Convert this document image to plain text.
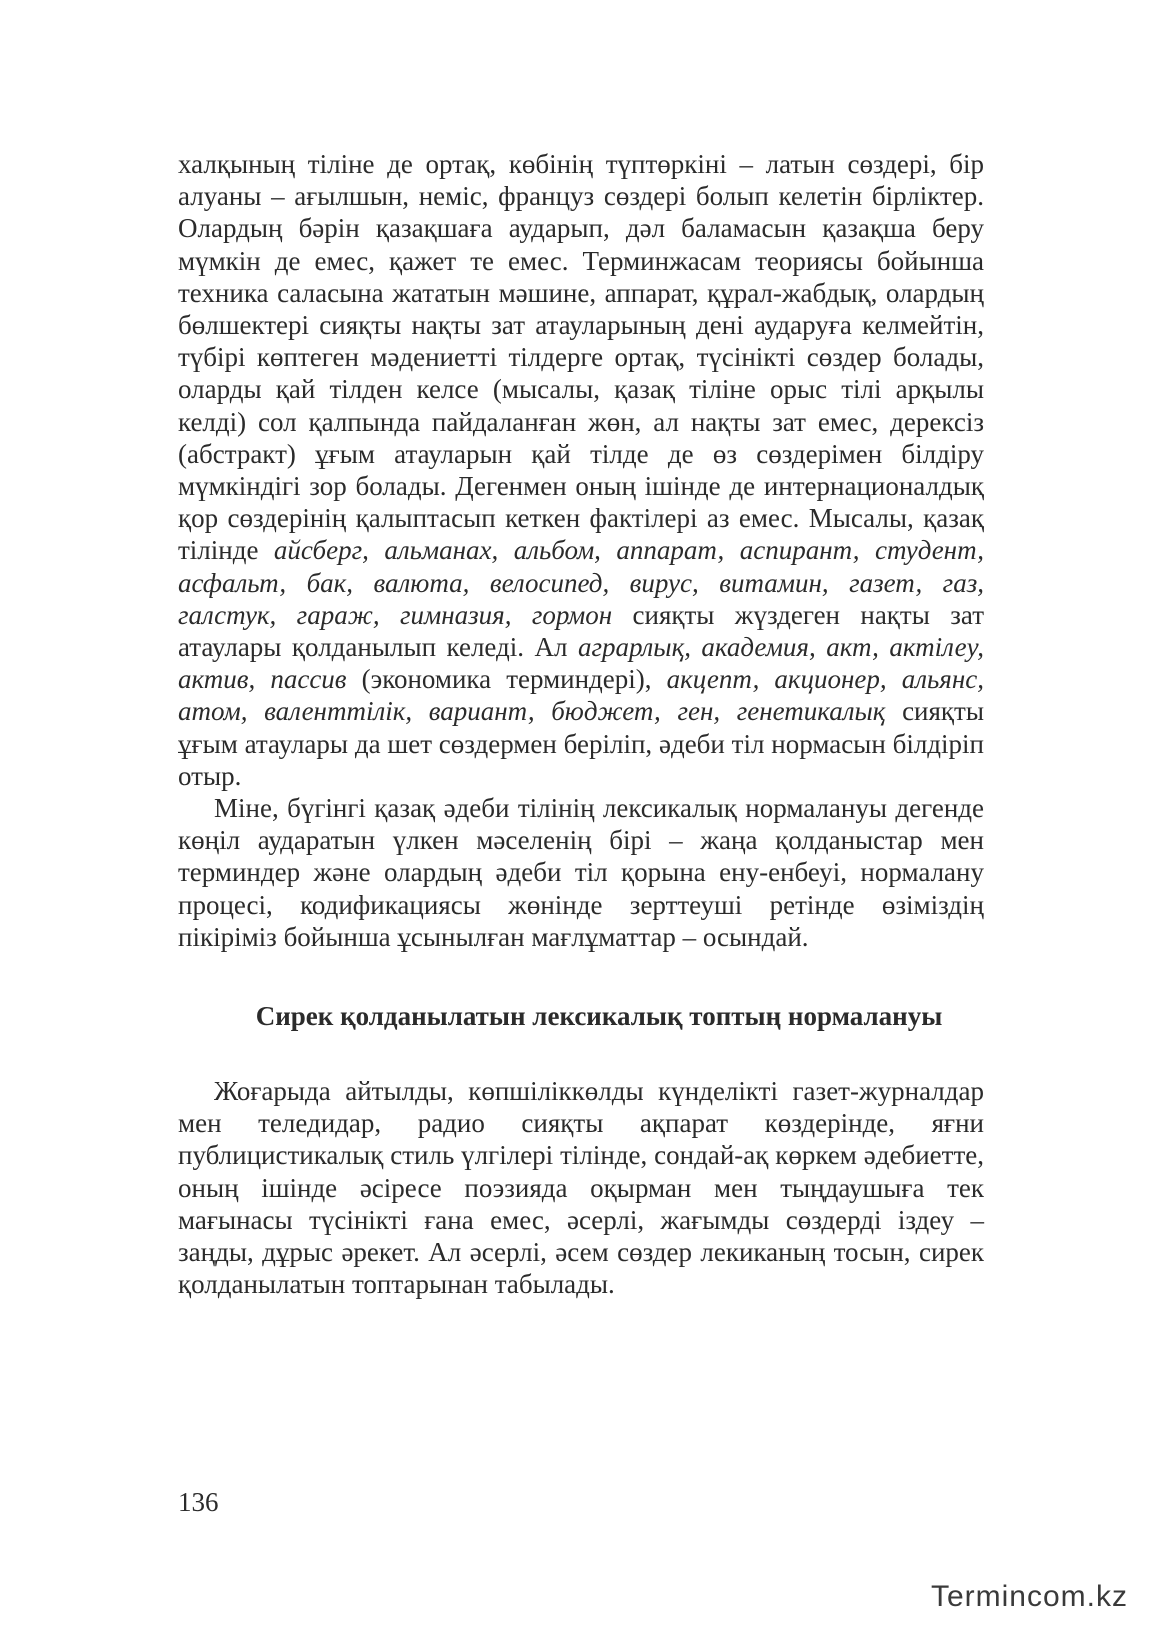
халқының тіліне де ортақ, көбінің түптөркіні – латын сөздері, бір алуаны – ағылшын, неміс, француз сөздері болып келетін бірліктер. Олардың бәрін қазақшаға аударып, дәл баламасын қазақша беру мүмкін де емес, қажет те емес. Терминжасам теориясы бойынша техника саласына жататын мәшине, аппарат, құрал-жабдық, олардың бөлшектері сияқты нақты зат атауларының дені аударуға келмейтін, түбірі көптеген мәдениетті тілдерге ортақ, түсінікті сөздер болады, оларды қай тілден келсе (мысалы, қазақ тіліне орыс тілі арқылы келді) сол қалпында пайдаланған жөн, ал нақты зат емес, дерексіз (абстракт) ұғым атауларын қай тілде де өз сөздерімен білдіру мүмкіндігі зор болады. Дегенмен оның ішінде де интернационалдық қор сөздерінің қалыптасып кеткен фактілері аз емес. Мысалы, қазақ тілінде айсберг, альманах, альбом, аппарат, аспирант, студент, асфальт, бак, валюта, велосипед, вирус, витамин, газет, газ, галстук, гараж, гимназия, гормон сияқты жүздеген нақты зат атаулары қолданылып келеді. Ал аграрлық, академия, акт, актілеу, актив, пассив (экономика терминдері), акцепт, акционер, альянс, атом, валенттілік, вариант, бюджет, ген, генетикалық сияқты ұғым атаулары да шет сөздермен беріліп, әдеби тіл нормасын білдіріп отыр.

Міне, бүгінгі қазақ әдеби тілінің лексикалық нормалануы дегенде көңіл аударатын үлкен мәселенің бірі – жаңа қолданыстар мен терминдер және олардың әдеби тіл қорына ену-енбеуі, нормалану процесі, кодификациясы жөнінде зерттеуші ретінде өзіміздің пікіріміз бойынша ұсынылған мағлұматтар – осындай.

Сирек қолданылатын лексикалық топтың нормалануы

Жоғарыда айтылды, көпшіліккөлды күнделікті газет-журналдар мен теледидар, радио сияқты ақпарат көздерінде, яғни публицистикалық стиль үлгілері тілінде, сондай-ақ көркем әдебиетте, оның ішінде әсіресе поэзияда оқырман мен тыңдаушыға тек мағынасы түсінікті ғана емес, әсерлі, жағымды сөздерді іздеу – заңды, дұрыс әрекет. Ал әсерлі, әсем сөздер лекиканың тосын, сирек қолданылатын топтарынан табылады.

136
Termincom.kz
